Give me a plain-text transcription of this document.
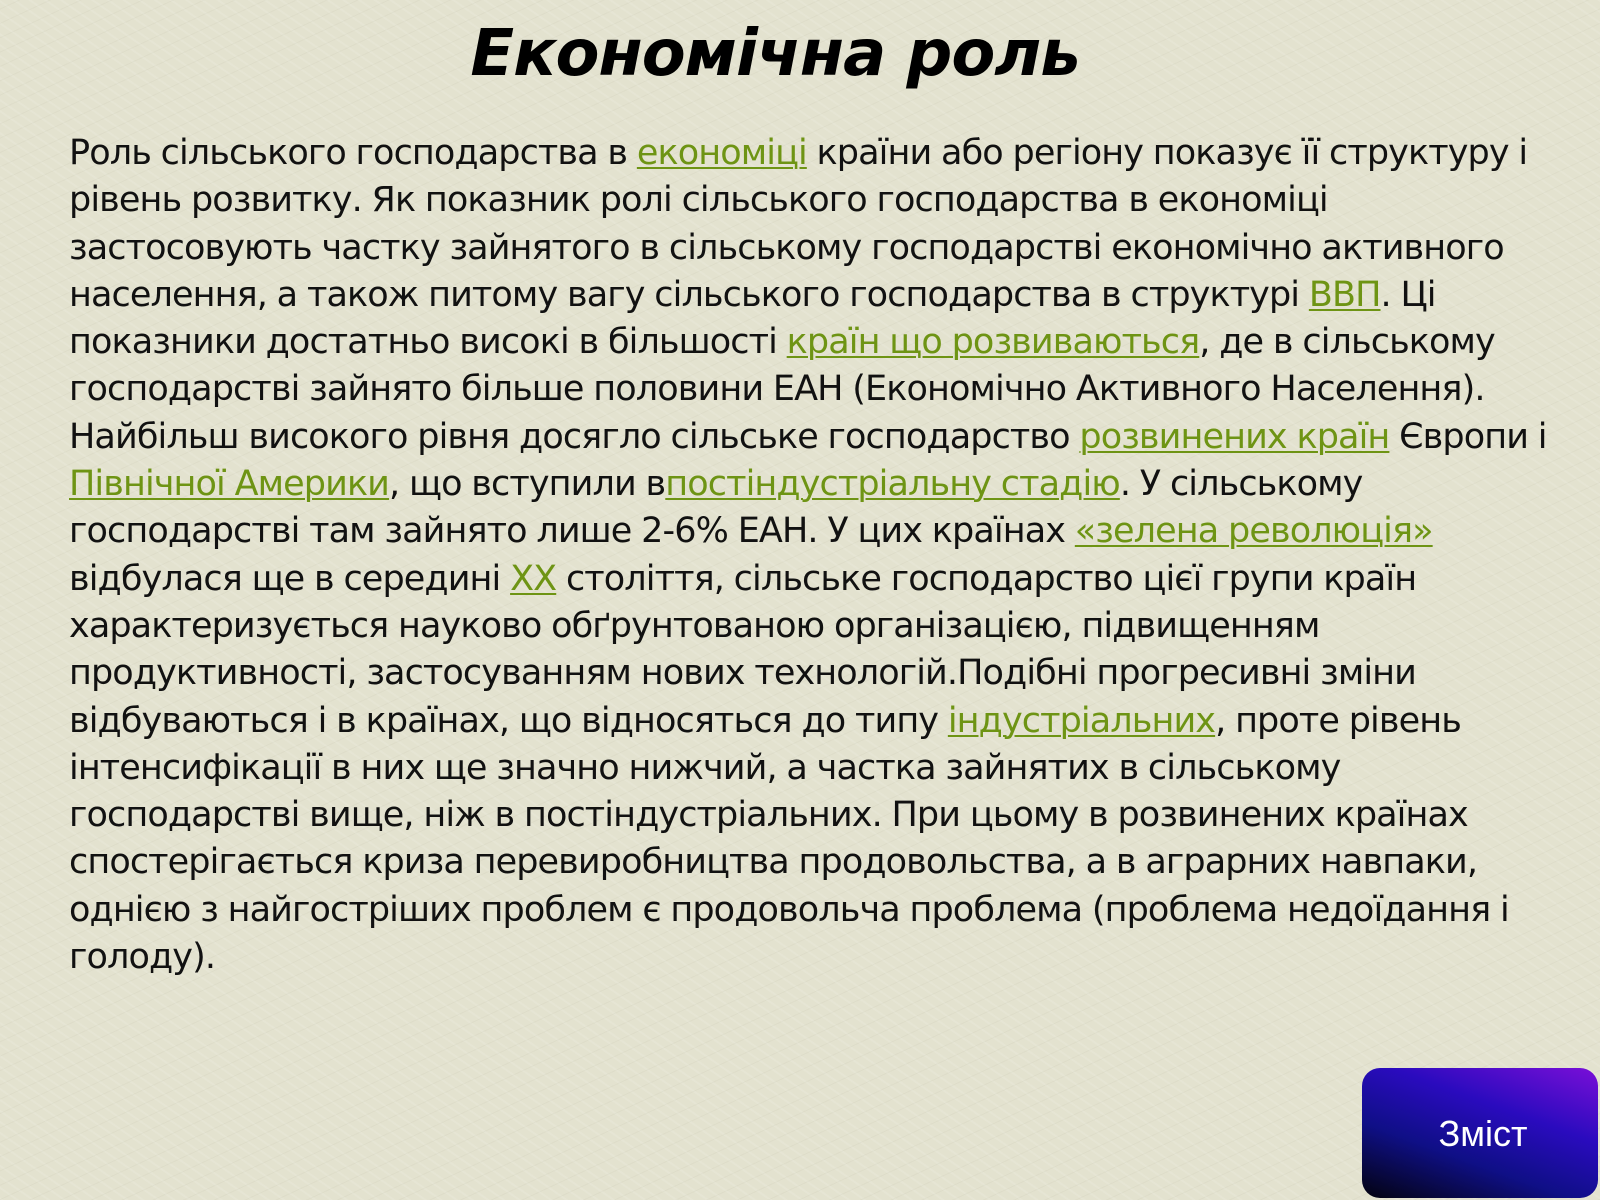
Економічна роль

Роль сільського господарства в економіці країни або регіону показує її структуру і рівень розвитку. Як показник ролі сільського господарства в економіці застосовують частку зайнятого в сільському господарстві економічно активного населення, а також питому вагу сільського господарства в структурі ВВП. Ці показники достатньо високі в більшості країн що розвиваються, де в сільському господарстві зайнято більше половини ЕАН (Економічно Активного Населення). Найбільш високого рівня досягло сільське господарство розвинених країн Європи і Північної Америки, що вступили впостіндустріальну стадію. У сільському господарстві там зайнято лише 2-6% ЕАН. У цих країнах «зелена революція» відбулася ще в середині XX століття, сільське господарство цієї групи країн характеризується науково обґрунтованою організацією, підвищенням продуктивності, застосуванням нових технологій.Подібні прогресивні зміни відбуваються і в країнах, що відносяться до типу індустріальних, проте рівень інтенсифікації в них ще значно нижчий, а частка зайнятих в сільському господарстві вище, ніж в постіндустріальних. При цьому в розвинених країнах спостерігається криза перевиробництва продовольства, а в аграрних навпаки, однією з найгостріших проблем є продовольча проблема (проблема недоїдання і голоду).

Зміст
